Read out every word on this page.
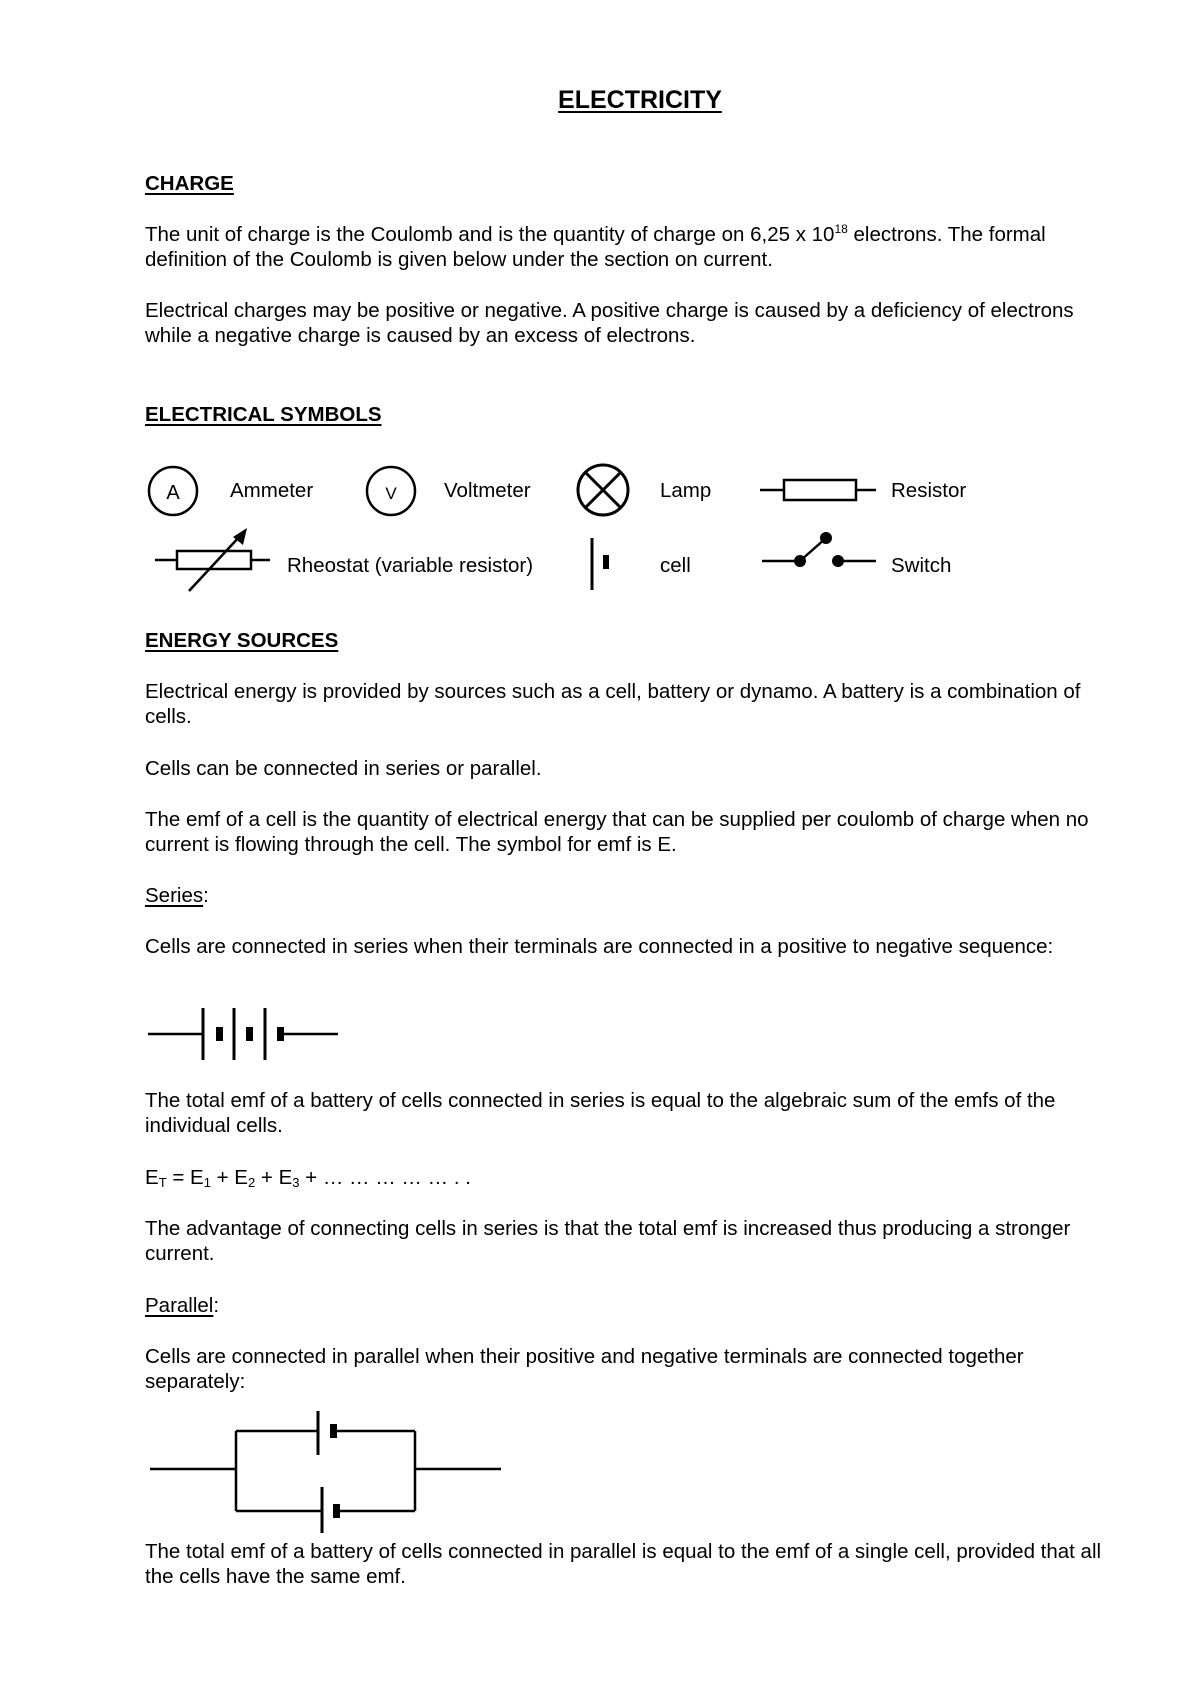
ELECTRICITY
CHARGE

The unit of charge is the Coulomb and is the quantity of charge on 6,25 x $10^{18}$ electrons. The formal definition of the Coulomb is given below under the section on current.

Electrical charges may be positive or negative. A positive charge is caused by a deficiency of electrons while a negative charge is caused by an excess of electrons.

ELECTRICAL SYMBOLS
A Ammeter	V Voltmeter	Lamp	Resistor
Rheostat (variable resistor)	cell	Switch
ENERGY SOURCES

Electrical energy is provided by sources such as a cell, battery or dynamo. A battery is a combination of cells.

Cells can be connected in series or parallel.

The emf of a cell is the quantity of electrical energy that can be supplied per coulomb of charge when no current is flowing through the cell. The symbol for emf is E.

Series:

Cells are connected in series when their terminals are connected in a positive to negative sequence:

The total emf of a battery of cells connected in series is equal to the algebraic sum of the emfs of the individual cells.

$E_T = E_1 + E_2 + E_3$ + … … … … … . .

The advantage of connecting cells in series is that the total emf is increased thus producing a stronger current.

Parallel:

Cells are connected in parallel when their positive and negative terminals are connected together separately:

The total emf of a battery of cells connected in parallel is equal to the emf of a single cell, provided that all the cells have the same emf.
